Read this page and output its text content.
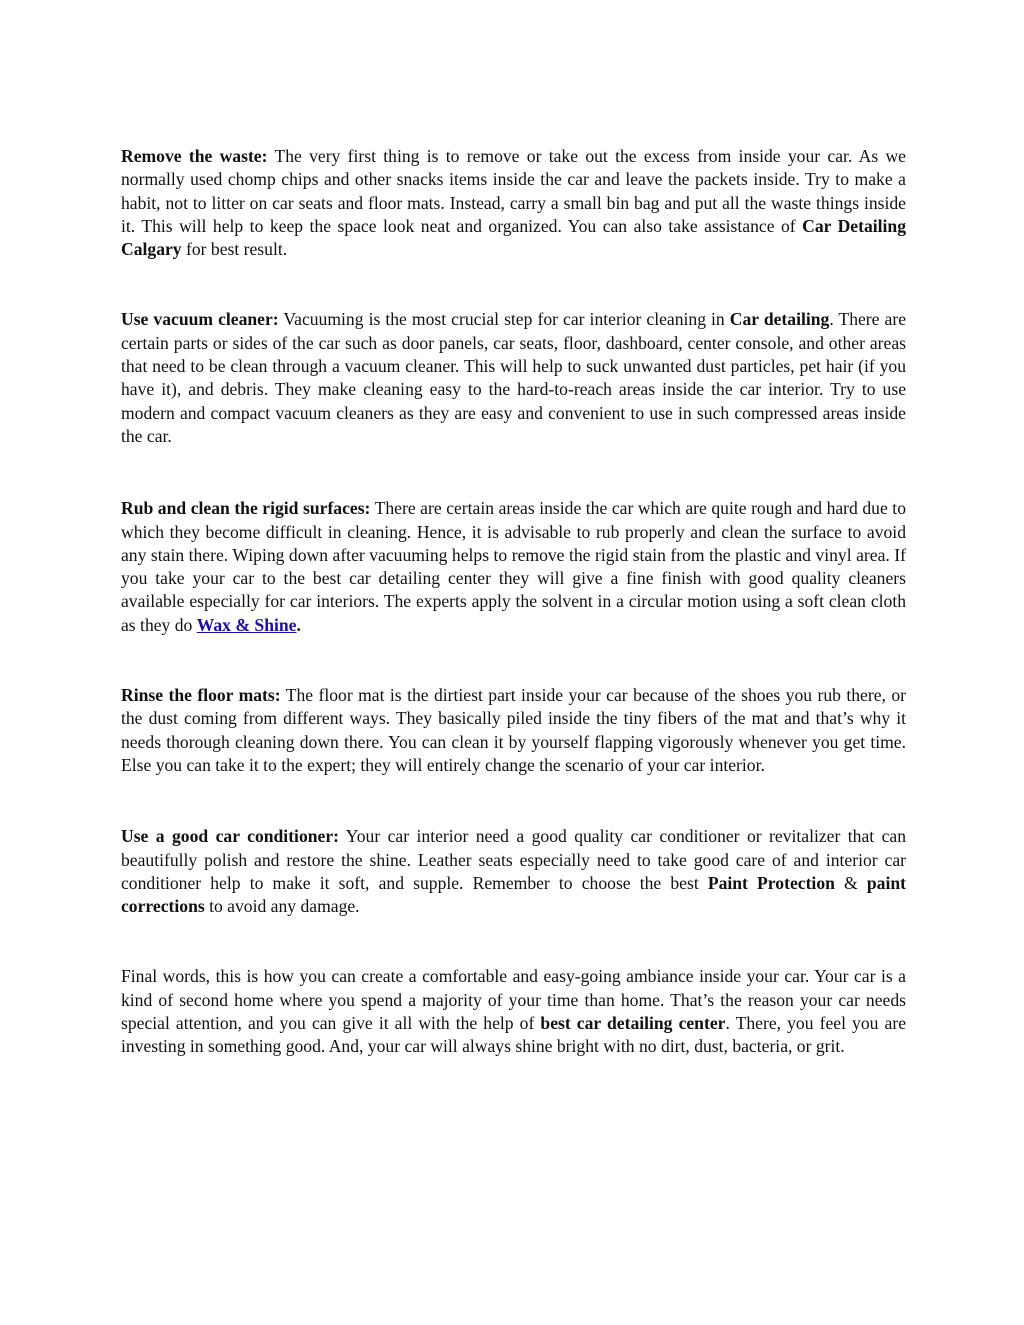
Remove the waste: The very first thing is to remove or take out the excess from inside your car. As we normally used chomp chips and other snacks items inside the car and leave the packets inside. Try to make a habit, not to litter on car seats and floor mats. Instead, carry a small bin bag and put all the waste things inside it. This will help to keep the space look neat and organized. You can also take assistance of Car Detailing Calgary for best result.

Use vacuum cleaner: Vacuuming is the most crucial step for car interior cleaning in Car detailing. There are certain parts or sides of the car such as door panels, car seats, floor, dashboard, center console, and other areas that need to be clean through a vacuum cleaner. This will help to suck unwanted dust particles, pet hair (if you have it), and debris. They make cleaning easy to the hard-to-reach areas inside the car interior. Try to use modern and compact vacuum cleaners as they are easy and convenient to use in such compressed areas inside the car.

Rub and clean the rigid surfaces: There are certain areas inside the car which are quite rough and hard due to which they become difficult in cleaning. Hence, it is advisable to rub properly and clean the surface to avoid any stain there. Wiping down after vacuuming helps to remove the rigid stain from the plastic and vinyl area. If you take your car to the best car detailing center they will give a fine finish with good quality cleaners available especially for car interiors. The experts apply the solvent in a circular motion using a soft clean cloth as they do Wax & Shine.

Rinse the floor mats: The floor mat is the dirtiest part inside your car because of the shoes you rub there, or the dust coming from different ways. They basically piled inside the tiny fibers of the mat and that’s why it needs thorough cleaning down there. You can clean it by yourself flapping vigorously whenever you get time. Else you can take it to the expert; they will entirely change the scenario of your car interior.

Use a good car conditioner: Your car interior need a good quality car conditioner or revitalizer that can beautifully polish and restore the shine. Leather seats especially need to take good care of and interior car conditioner help to make it soft, and supple. Remember to choose the best Paint Protection & paint corrections to avoid any damage.

Final words, this is how you can create a comfortable and easy-going ambiance inside your car. Your car is a kind of second home where you spend a majority of your time than home. That’s the reason your car needs special attention, and you can give it all with the help of best car detailing center. There, you feel you are investing in something good. And, your car will always shine bright with no dirt, dust, bacteria, or grit.
